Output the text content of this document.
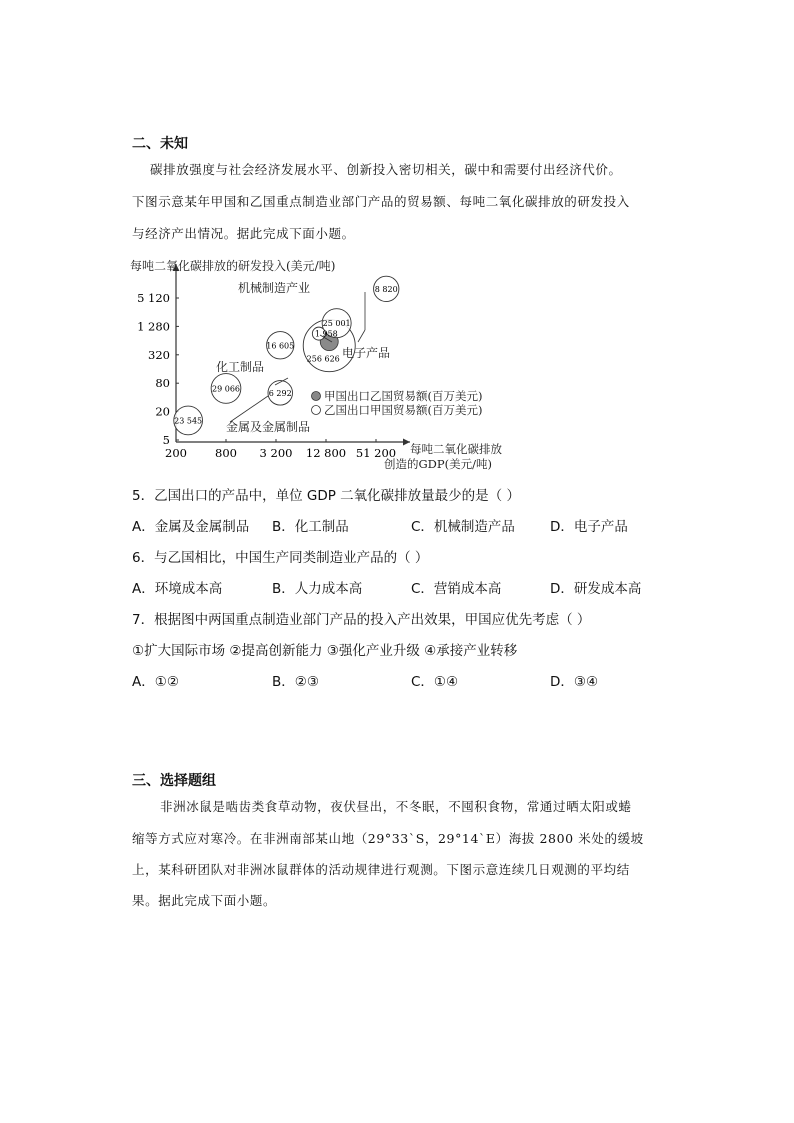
二、未知
碳排放强度与社会经济发展水平、创新投入密切相关，碳中和需要付出经济代价。
下图示意某年甲国和乙国重点制造业部门产品的贸易额、每吨二氧化碳排放的研发投入
与经济产出情况。据此完成下面小题。
每吨二氧化碳排放的研发投入(美元/吨)
每吨二氧化碳排放
创造的GDP(美元/吨)
200 800 3 200 12 800 51 200
5
20
80
320
1 280
5 120
256 626
29 066
25 001
23 545
16 605
8 820
6 292
1 958
机械制造产业
电子产品
化工制品
金属及金属制品
甲国出口乙国贸易额(百万美元)
乙国出口甲国贸易额(百万美元)
5．乙国出口的产品中，单位 GDP 二氧化碳排放量最少的是（ ）
A．金属及金属制品 B．化工制品	C．机械制造产品	D．电子产品
6．与乙国相比，中国生产同类制造业产品的（ ）
A．环境成本高	B．人力成本高	C．营销成本高	D．研发成本高
7．根据图中两国重点制造业部门产品的投入产出效果，甲国应优先考虑（ ）
①扩大国际市场 ②提高创新能力 ③强化产业升级 ④承接产业转移
A．①②	B．②③	C．①④	D．③④
三、选择题组
非洲冰鼠是啮齿类食草动物，夜伏昼出，不冬眠，不囤积食物，常通过晒太阳或蜷
缩等方式应对寒冷。在非洲南部某山地（29°33`S，29°14`E）海拔 2800 米处的缓坡
上，某科研团队对非洲冰鼠群体的活动规律进行观测。下图示意连续几日观测的平均结
果。据此完成下面小题。
